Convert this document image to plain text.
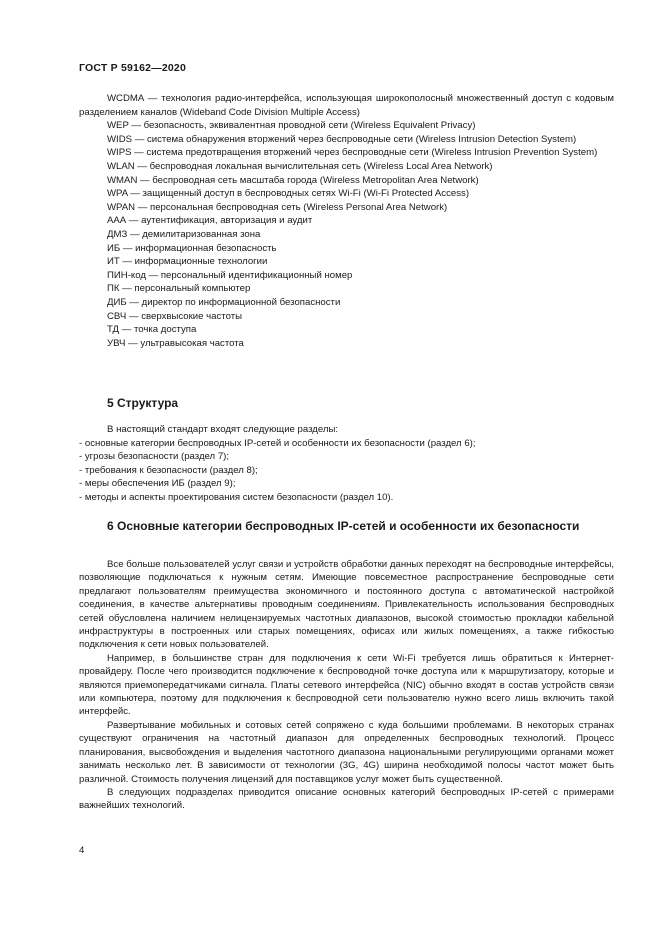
ГОСТ Р 59162—2020

WCDMA — технология радио-интерфейса, использующая широкополосный множественный доступ с кодовым разделением каналов (Wideband Code Division Multiple Access)

WEP — безопасность, эквивалентная проводной сети (Wireless Equivalent Privacy)

WIDS — система обнаружения вторжений через беспроводные сети (Wireless Intrusion Detection System)

WIPS — система предотвращения вторжений через беспроводные сети (Wireless Intrusion Prevention System)

WLAN — беспроводная локальная вычислительная сеть (Wireless Local Area Network)

WMAN — беспроводная сеть масштаба города (Wireless Metropolitan Area Network)

WPA — защищенный доступ в беспроводных сетях Wi-Fi (Wi-Fi Protected Access)

WPAN — персональная беспроводная сеть (Wireless Personal Area Network)

ААА — аутентификация, авторизация и аудит

ДМЗ — демилитаризованная зона

ИБ — информационная безопасность

ИТ — информационные технологии

ПИН-код — персональный идентификационный номер

ПК — персональный компьютер

ДИБ — директор по информационной безопасности

СВЧ — сверхвысокие частоты

ТД — точка доступа

УВЧ — ультравысокая частота

5 Структура

В настоящий стандарт входят следующие разделы:

- основные категории беспроводных IP-сетей и особенности их безопасности (раздел 6);

- угрозы безопасности (раздел 7);

- требования к безопасности (раздел 8);

- меры обеспечения ИБ (раздел 9);

- методы и аспекты проектирования систем безопасности (раздел 10).

6 Основные категории беспроводных IP-сетей и особенности их безопасности

Все больше пользователей услуг связи и устройств обработки данных переходят на беспроводные интерфейсы, позволяющие подключаться к нужным сетям. Имеющие повсеместное распространение беспроводные сети предлагают пользователям преимущества экономичного и постоянного доступа с автоматической настройкой соединения, в качестве альтернативы проводным соединениям. Привлекательность использования беспроводных сетей обусловлена наличием нелицензируемых частотных диапазонов, высокой стоимостью прокладки кабельной инфраструктуры в построенных или старых помещениях, офисах или жилых помещениях, а также гибкостью подключения к сети новых пользователей.

Например, в большинстве стран для подключения к сети Wi-Fi требуется лишь обратиться к Интернет-провайдеру. После чего производится подключение к беспроводной точке доступа или к маршрутизатору, которые и являются приемопередатчиками сигнала. Платы сетевого интерфейса (NIC) обычно входят в состав устройств связи или компьютера, поэтому для подключения к беспроводной сети пользователю нужно всего лишь включить такой интерфейс.

Развертывание мобильных и сотовых сетей сопряжено с куда большими проблемами. В некоторых странах существуют ограничения на частотный диапазон для определенных беспроводных технологий. Процесс планирования, высвобождения и выделения частотного диапазона национальными регулирующими органами может занимать несколько лет. В зависимости от технологии (3G, 4G) ширина необходимой полосы частот может быть различной. Стоимость получения лицензий для поставщиков услуг может быть существенной.

В следующих подразделах приводится описание основных категорий беспроводных IP-сетей с примерами важнейших технологий.

4
